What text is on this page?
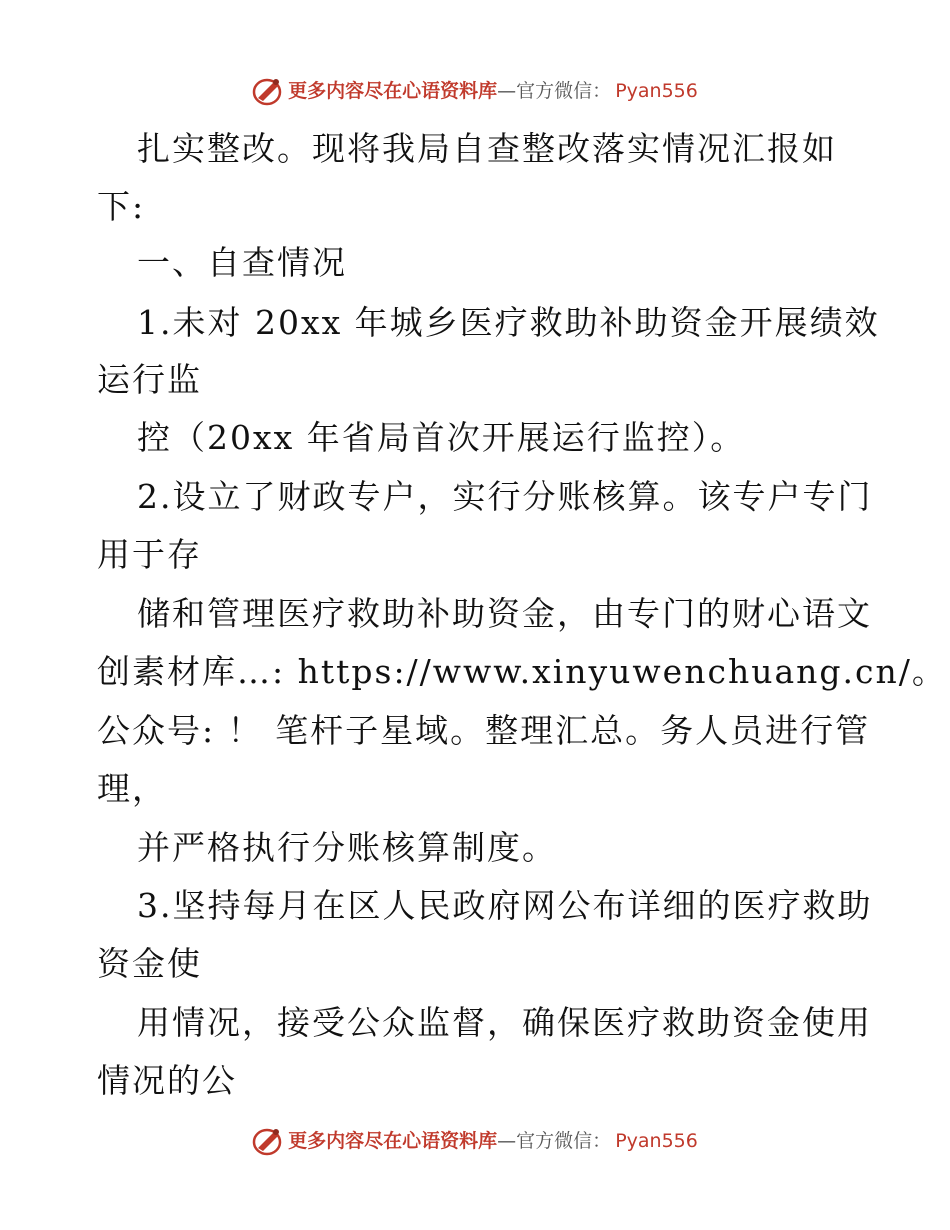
更多内容尽在心语资料库 —官方微信： Pyan556
扎实整改。现将我局自查整改落实情况汇报如
下:
一、自查情况
1.未对 20xx 年城乡医疗救助补助资金开展绩效
运行监
控（20xx 年省局首次开展运行监控）。
2.设立了财政专户，实行分账核算。该专户专门
用于存
储和管理医疗救助补助资金，由专门的财心语文
创素材库…: https://www.xinyuwenchuang.cn/。
公众号: ！ 笔杆子星域。整理汇总。务人员进行管
理，
并严格执行分账核算制度。
3.坚持每月在区人民政府网公布详细的医疗救助
资金使
用情况，接受公众监督，确保医疗救助资金使用
情况的公
更多内容尽在心语资料库 —官方微信： Pyan556
